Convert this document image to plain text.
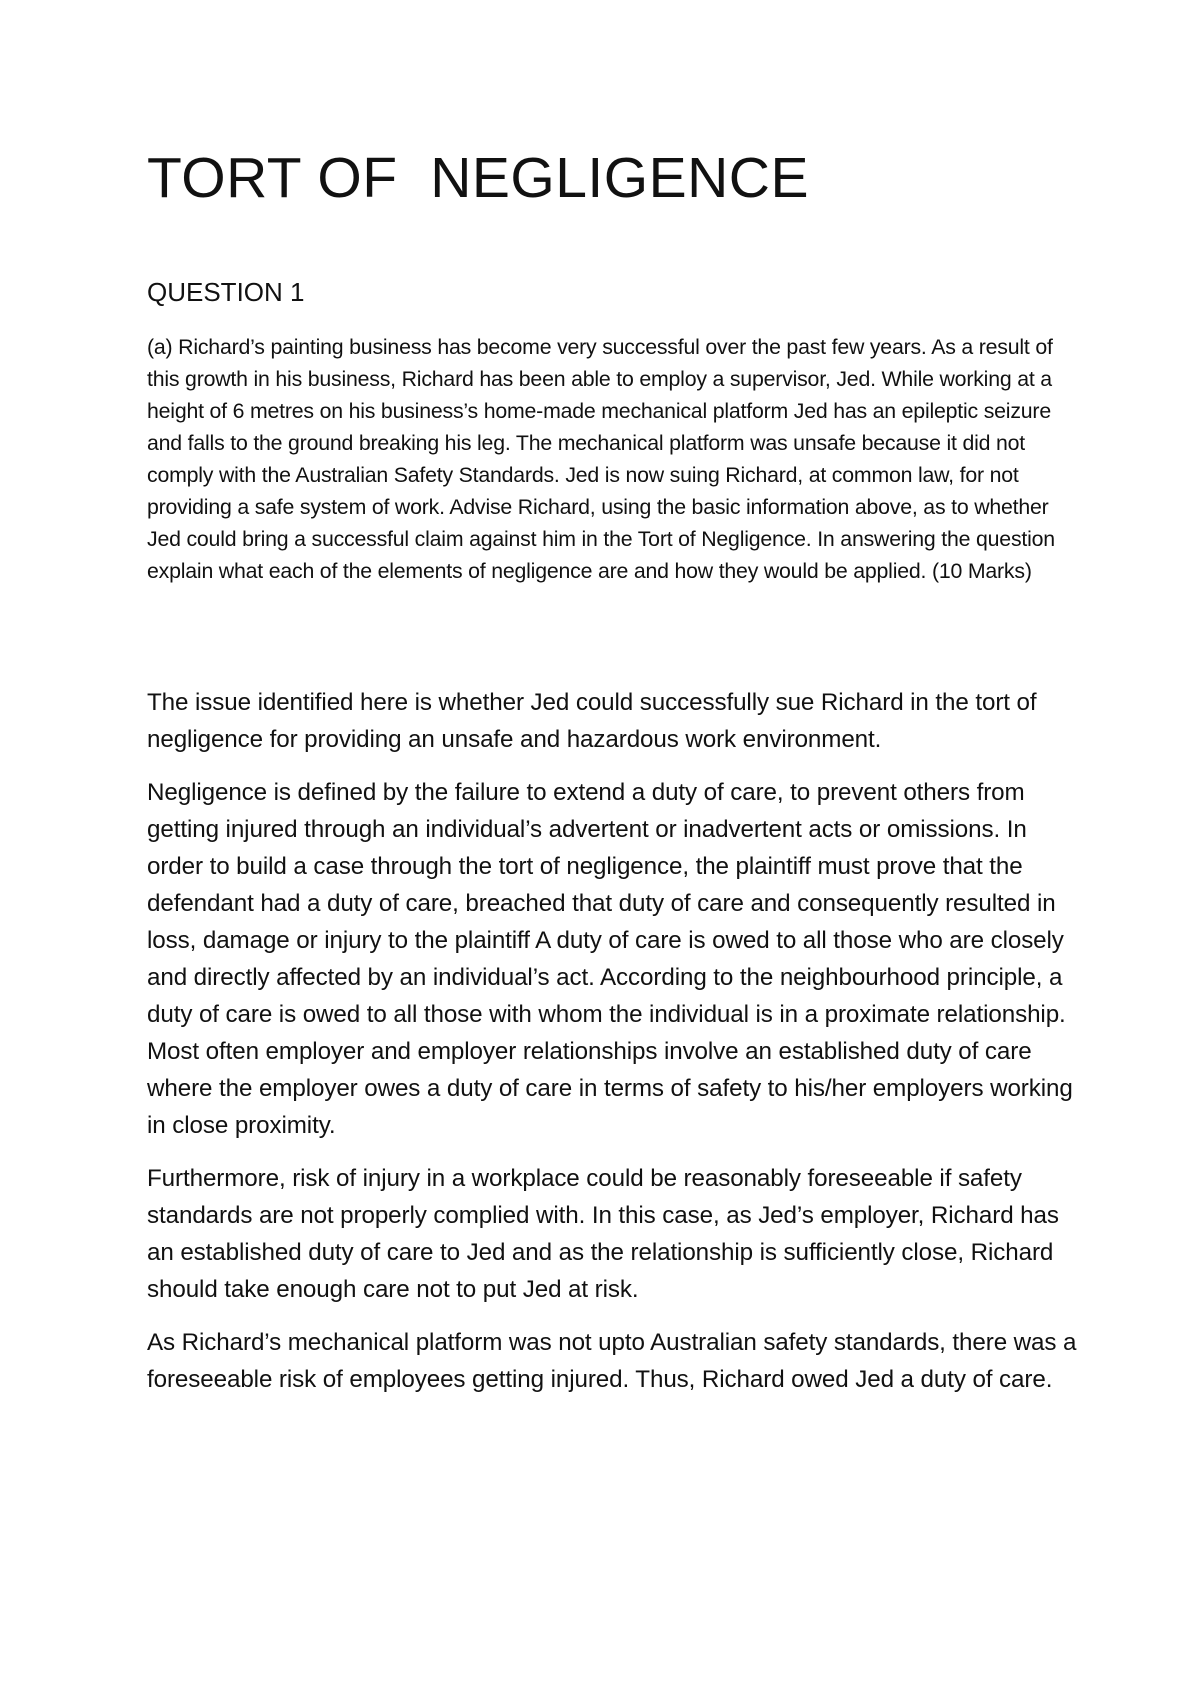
TORT OF  NEGLIGENCE
QUESTION 1

(a) Richard’s painting business has become very successful over the past few years. As a result of this growth in his business, Richard has been able to employ a supervisor, Jed. While working at a height of 6 metres on his business’s home-made mechanical platform Jed has an epileptic seizure and falls to the ground breaking his leg. The mechanical platform was unsafe because it did not comply with the Australian Safety Standards. Jed is now suing Richard, at common law, for not providing a safe system of work. Advise Richard, using the basic information above, as to whether Jed could bring a successful claim against him in the Tort of Negligence. In answering the question explain what each of the elements of negligence are and how they would be applied. (10 Marks)

The issue identified here is whether Jed could successfully sue Richard in the tort of negligence for providing an unsafe and hazardous work environment.

Negligence is defined by the failure to extend a duty of care, to prevent others from getting injured through an individual’s advertent or inadvertent acts or omissions. In order to build a case through the tort of negligence, the plaintiff must prove that the defendant had a duty of care, breached that duty of care and consequently resulted in loss, damage or injury to the plaintiff A duty of care is owed to all those who are closely and directly affected by an individual’s act. According to the neighbourhood principle, a duty of care is owed to all those with whom the individual is in a proximate relationship. Most often employer and employer relationships involve an established duty of care where the employer owes a duty of care in terms of safety to his/her employers working in close proximity.

Furthermore, risk of injury in a workplace could be reasonably foreseeable if safety standards are not properly complied with. In this case, as Jed’s employer, Richard has an established duty of care to Jed and as the relationship is sufficiently close, Richard should take enough care not to put Jed at risk.

As Richard’s mechanical platform was not upto Australian safety standards, there was a foreseeable risk of employees getting injured. Thus, Richard owed Jed a duty of care.
